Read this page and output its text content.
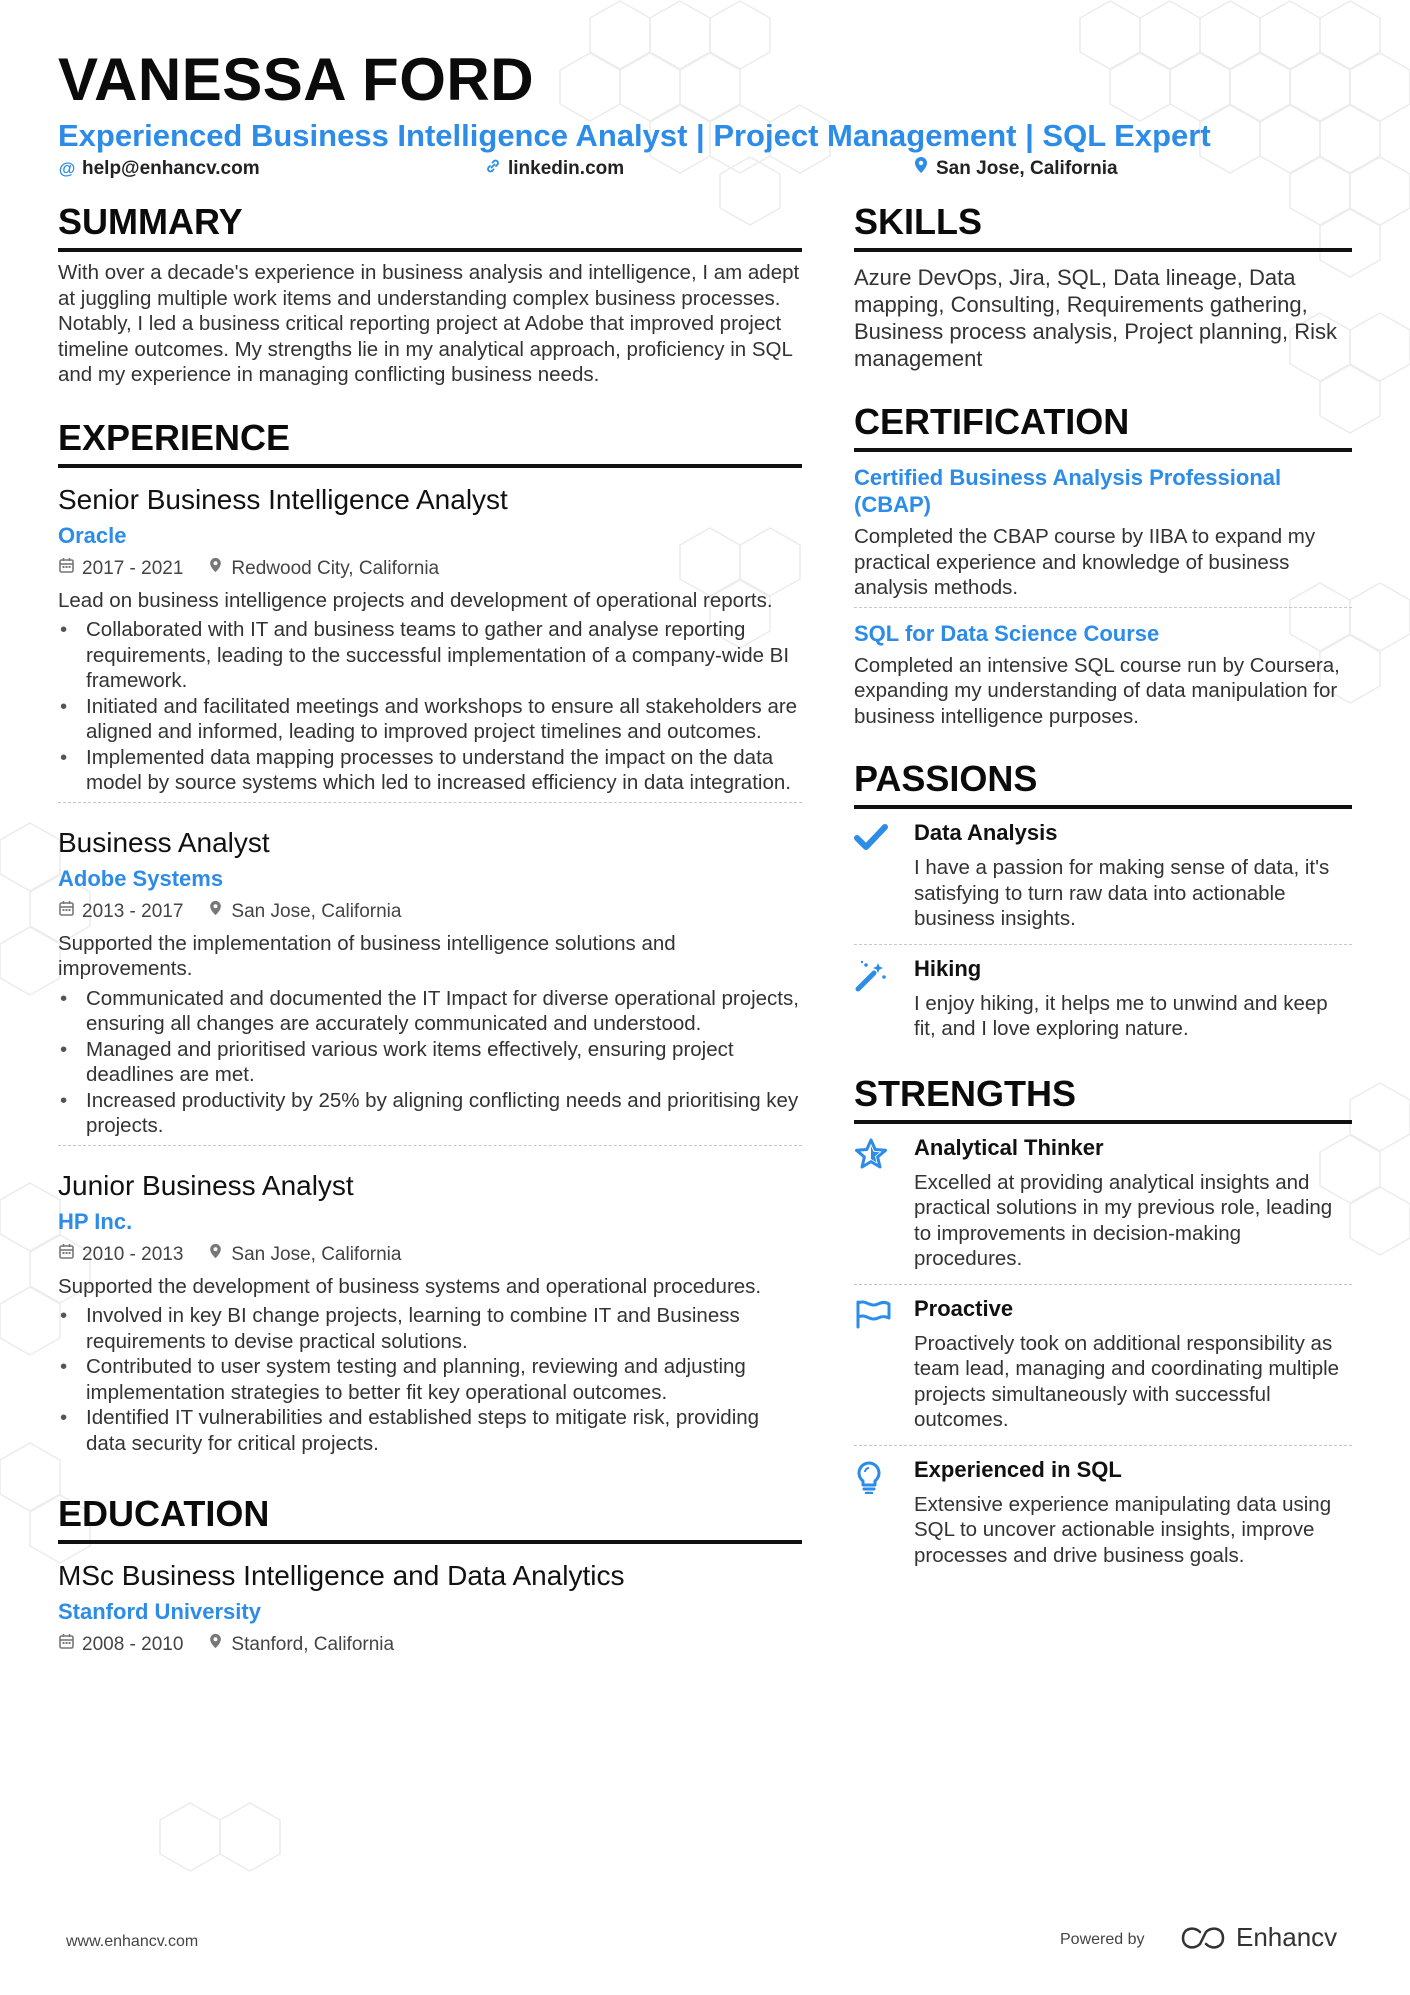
VANESSA FORD
Experienced Business Intelligence Analyst | Project Management | SQL Expert
@ help@enhancv.com	linkedin.com	San Jose, California
SUMMARY

With over a decade's experience in business analysis and intelligence, I am adept at juggling multiple work items and understanding complex business processes. Notably, I led a business critical reporting project at Adobe that improved project timeline outcomes. My strengths lie in my analytical approach, proficiency in SQL and my experience in managing conflicting business needs.

EXPERIENCE
Senior Business Intelligence Analyst
Oracle
2017 - 2021	Redwood City, California

Lead on business intelligence projects and development of operational reports.

• Collaborated with IT and business teams to gather and analyse reporting requirements, leading to the successful implementation of a company-wide BI framework.
• Initiated and facilitated meetings and workshops to ensure all stakeholders are aligned and informed, leading to improved project timelines and outcomes.
• Implemented data mapping processes to understand the impact on the data model by source systems which led to increased efficiency in data integration.
Business Analyst
Adobe Systems
2013 - 2017	San Jose, California

Supported the implementation of business intelligence solutions and improvements.

• Communicated and documented the IT Impact for diverse operational projects, ensuring all changes are accurately communicated and understood.
• Managed and prioritised various work items effectively, ensuring project deadlines are met.
• Increased productivity by 25% by aligning conflicting needs and prioritising key projects.
Junior Business Analyst
HP Inc.
2010 - 2013	San Jose, California

Supported the development of business systems and operational procedures.

• Involved in key BI change projects, learning to combine IT and Business requirements to devise practical solutions.
• Contributed to user system testing and planning, reviewing and adjusting implementation strategies to better fit key operational outcomes.
• Identified IT vulnerabilities and established steps to mitigate risk, providing data security for critical projects.
EDUCATION
MSc Business Intelligence and Data Analytics
Stanford University
2008 - 2010	Stanford, California
SKILLS

Azure DevOps, Jira, SQL, Data lineage, Data mapping, Consulting, Requirements gathering, Business process analysis, Project planning, Risk management

CERTIFICATION
Certified Business Analysis Professional (CBAP)

Completed the CBAP course by IIBA to expand my practical experience and knowledge of business analysis methods.

SQL for Data Science Course

Completed an intensive SQL course run by Coursera, expanding my understanding of data manipulation for business intelligence purposes.

PASSIONS
Data Analysis

I have a passion for making sense of data, it's satisfying to turn raw data into actionable business insights.

Hiking

I enjoy hiking, it helps me to unwind and keep fit, and I love exploring nature.

STRENGTHS
Analytical Thinker

Excelled at providing analytical insights and practical solutions in my previous role, leading to improvements in decision-making procedures.

Proactive

Proactively took on additional responsibility as team lead, managing and coordinating multiple projects simultaneously with successful outcomes.

Experienced in SQL

Extensive experience manipulating data using SQL to uncover actionable insights, improve processes and drive business goals.

www.enhancv.com	Powered by	Enhancv
